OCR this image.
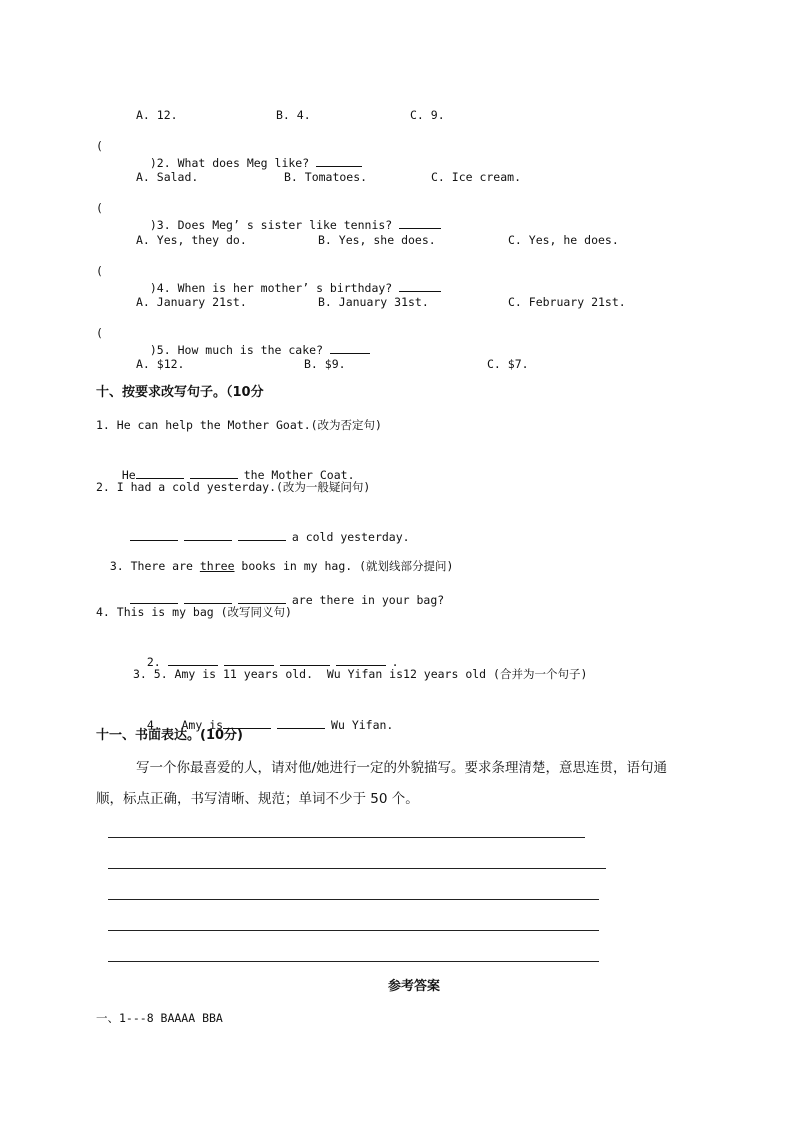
A. 12.	B. 4.	C. 9.
(

)2. What does Meg like?

A. Salad.	B. Tomatoes.	C. Ice cream.
(

)3. Does Meg’ s sister like tennis?

A. Yes, they do.	B. Yes, she does.	C. Yes, he does.
(

)4. When is her mother’ s birthday?

A. January 21st.	B. January 31st.	C. February 21st.
(

)5. How much is the cake?

A. $12.	B. $9.	C. $7.
十、按要求改写句子。（10分
1. He can help the Mother Goat.(改为否定句)

He	the Mother Coat.

2. I had a cold yesterday.(改为一般疑问句)

a cold yesterday.

3. There are three books in my hag. (就划线部分提问)

are there in your bag?

4. This is my bag (改写同义句)

2.	.

3. 5. Amy is 11 years old.  Wu Yifan is12 years old (合并为一个句子)

4. Amy is	Wu Yifan.

十一、书面表达。(10分)
写一个你最喜爱的人，请对他/她进行一定的外貌描写。要求条理清楚，意思连贯，语句通
顺，标点正确，书写清晰、规范；单词不少于 50 个。
参考答案
一、1---8 BAAAA BBA
